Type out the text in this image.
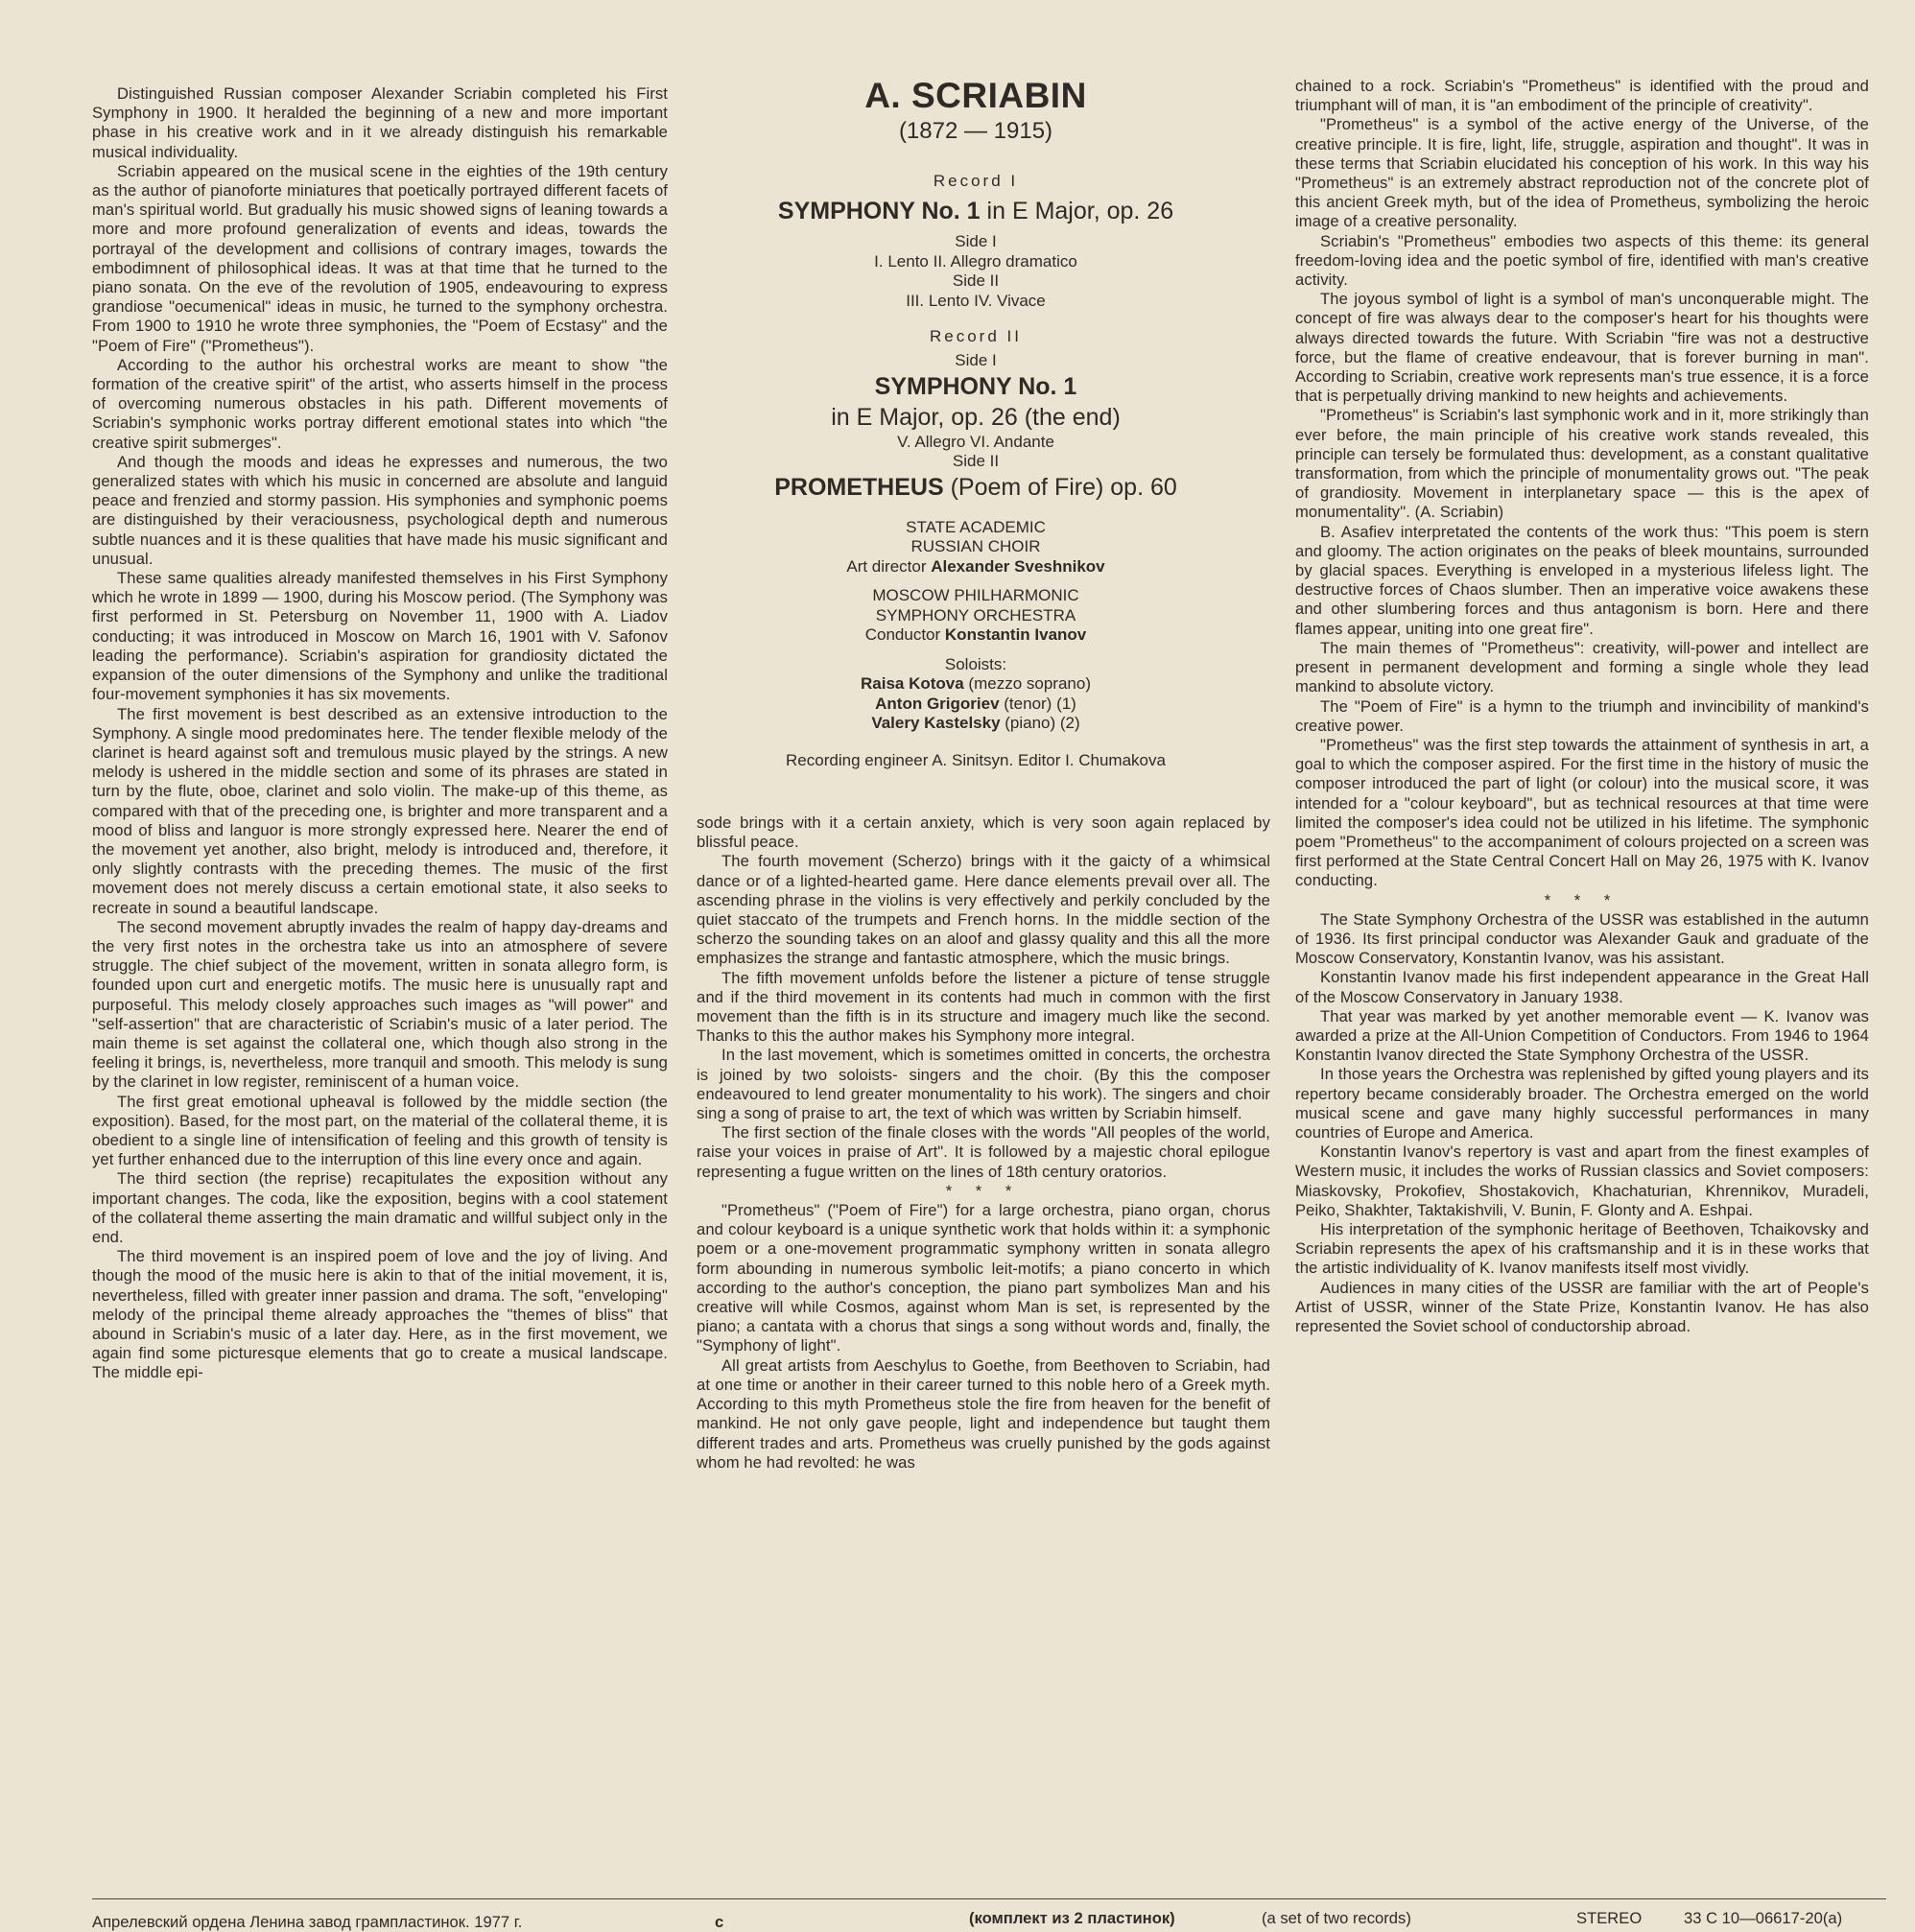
Distinguished Russian composer Alexander Scriabin completed his First Symphony in 1900. It heralded the beginning of a new and more important phase in his creative work and in it we already distinguish his remarkable musical individuality.

Scriabin appeared on the musical scene in the eighties of the 19th century as the author of pianoforte miniatures that poetically portrayed different facets of man's spiritual world. But gradually his music showed signs of leaning towards a more and more profound generalization of events and ideas, towards the portrayal of the development and collisions of contrary images, towards the embodimnent of philosophical ideas. It was at that time that he turned to the piano sonata. On the eve of the revolution of 1905, endeavouring to express grandiose "oecumenical" ideas in music, he turned to the symphony orchestra. From 1900 to 1910 he wrote three symphonies, the "Poem of Ecstasy" and the "Poem of Fire" ("Prometheus").

According to the author his orchestral works are meant to show "the formation of the creative spirit" of the artist, who asserts himself in the process of overcoming numerous obstacles in his path. Different movements of Scriabin's symphonic works portray different emotional states into which "the creative spirit submerges".

And though the moods and ideas he expresses and numerous, the two generalized states with which his music in concerned are absolute and languid peace and frenzied and stormy passion. His symphonies and symphonic poems are distinguished by their veraciousness, psychological depth and numerous subtle nuances and it is these qualities that have made his music significant and unusual.

These same qualities already manifested themselves in his First Symphony which he wrote in 1899 — 1900, during his Moscow period. (The Symphony was first performed in St. Petersburg on November 11, 1900 with A. Liadov conducting; it was introduced in Moscow on March 16, 1901 with V. Safonov leading the performance). Scriabin's aspiration for grandiosity dictated the expansion of the outer dimensions of the Symphony and unlike the traditional four-movement symphonies it has six movements.

The first movement is best described as an extensive introduction to the Symphony. A single mood predominates here. The tender flexible melody of the clarinet is heard against soft and tremulous music played by the strings. A new melody is ushered in the middle section and some of its phrases are stated in turn by the flute, oboe, clarinet and solo violin. The make-up of this theme, as compared with that of the preceding one, is brighter and more transparent and a mood of bliss and languor is more strongly expressed here. Nearer the end of the movement yet another, also bright, melody is introduced and, therefore, it only slightly contrasts with the preceding themes. The music of the first movement does not merely discuss a certain emotional state, it also seeks to recreate in sound a beautiful landscape.

The second movement abruptly invades the realm of happy day-dreams and the very first notes in the orchestra take us into an atmosphere of severe struggle. The chief subject of the movement, written in sonata allegro form, is founded upon curt and energetic motifs. The music here is unusually rapt and purposeful. This melody closely approaches such images as "will power" and "self-assertion" that are characteristic of Scriabin's music of a later period. The main theme is set against the collateral one, which though also strong in the feeling it brings, is, nevertheless, more tranquil and smooth. This melody is sung by the clarinet in low register, reminiscent of a human voice.

The first great emotional upheaval is followed by the middle section (the exposition). Based, for the most part, on the material of the collateral theme, it is obedient to a single line of intensification of feeling and this growth of tensity is yet further enhanced due to the interruption of this line every once and again.

The third section (the reprise) recapitulates the exposition without any important changes. The coda, like the exposition, begins with a cool statement of the collateral theme asserting the main dramatic and willful subject only in the end.

The third movement is an inspired poem of love and the joy of living. And though the mood of the music here is akin to that of the initial movement, it is, nevertheless, filled with greater inner passion and drama. The soft, "enveloping" melody of the principal theme already approaches the "themes of bliss" that abound in Scriabin's music of a later day. Here, as in the first movement, we again find some picturesque elements that go to create a musical landscape. The middle epi-

A. SCRIABIN
(1872 — 1915)
Record I
SYMPHONY No. 1 in E Major, op. 26
Side I
I. Lento II. Allegro dramatico
Side II
III. Lento IV. Vivace
Record II
Side I
SYMPHONY No. 1
in E Major, op. 26 (the end)
V. Allegro VI. Andante
Side II
PROMETHEUS (Poem of Fire) op. 60
STATE ACADEMIC
RUSSIAN CHOIR
Art director Alexander Sveshnikov
MOSCOW PHILHARMONIC
SYMPHONY ORCHESTRA
Conductor Konstantin Ivanov
Soloists:
Raisa Kotova (mezzo soprano)
Anton Grigoriev (tenor) (1)
Valery Kastelsky (piano) (2)
Recording engineer A. Sinitsyn. Editor I. Chumakova

sode brings with it a certain anxiety, which is very soon again replaced by blissful peace.

The fourth movement (Scherzo) brings with it the gaicty of a whimsical dance or of a lighted-hearted game. Here dance elements prevail over all. The ascending phrase in the violins is very effectively and perkily concluded by the quiet staccato of the trumpets and French horns. In the middle section of the scherzo the sounding takes on an aloof and glassy quality and this all the more emphasizes the strange and fantastic atmosphere, which the music brings.

The fifth movement unfolds before the listener a picture of tense struggle and if the third movement in its contents had much in common with the first movement than the fifth is in its structure and imagery much like the second. Thanks to this the author makes his Symphony more integral.

In the last movement, which is sometimes omitted in concerts, the orchestra is joined by two soloists- singers and the choir. (By this the composer endeavoured to lend greater monumentality to his work). The singers and choir sing a song of praise to art, the text of which was written by Scriabin himself.

The first section of the finale closes with the words "All peoples of the world, raise your voices in praise of Art". It is followed by a majestic choral epilogue representing a fugue written on the lines of 18th century oratorios.

* * *

"Prometheus" ("Poem of Fire") for a large orchestra, piano organ, chorus and colour keyboard is a unique synthetic work that holds within it: a symphonic poem or a one-movement programmatic symphony written in sonata allegro form abounding in numerous symbolic leit-motifs; a piano concerto in which according to the author's conception, the piano part symbolizes Man and his creative will while Cosmos, against whom Man is set, is represented by the piano; a cantata with a chorus that sings a song without words and, finally, the "Symphony of light".

All great artists from Aeschylus to Goethe, from Beethoven to Scriabin, had at one time or another in their career turned to this noble hero of a Greek myth. According to this myth Prometheus stole the fire from heaven for the benefit of mankind. He not only gave people, light and independence but taught them different trades and arts. Prometheus was cruelly punished by the gods against whom he had revolted: he was

chained to a rock. Scriabin's "Prometheus" is identified with the proud and triumphant will of man, it is "an embodiment of the principle of creativity".

"Prometheus" is a symbol of the active energy of the Universe, of the creative principle. It is fire, light, life, struggle, aspiration and thought". It was in these terms that Scriabin elucidated his conception of his work. In this way his "Prometheus" is an extremely abstract reproduction not of the concrete plot of this ancient Greek myth, but of the idea of Prometheus, symbolizing the heroic image of a creative personality.

Scriabin's "Prometheus" embodies two aspects of this theme: its general freedom-loving idea and the poetic symbol of fire, identified with man's creative activity.

The joyous symbol of light is a symbol of man's unconquerable might. The concept of fire was always dear to the composer's heart for his thoughts were always directed towards the future. With Scriabin "fire was not a destructive force, but the flame of creative endeavour, that is forever burning in man". According to Scriabin, creative work represents man's true essence, it is a force that is perpetually driving mankind to new heights and achievements.

"Prometheus" is Scriabin's last symphonic work and in it, more strikingly than ever before, the main principle of his creative work stands revealed, this principle can tersely be formulated thus: development, as a constant qualitative transformation, from which the principle of monumentality grows out. "The peak of grandiosity. Movement in interplanetary space — this is the apex of monumentality". (A. Scriabin)

B. Asafiev interpretated the contents of the work thus: "This poem is stern and gloomy. The action originates on the peaks of bleek mountains, surrounded by glacial spaces. Everything is enveloped in a mysterious lifeless light. The destructive forces of Chaos slumber. Then an imperative voice awakens these and other slumbering forces and thus antagonism is born. Here and there flames appear, uniting into one great fire".

The main themes of "Prometheus": creativity, will-power and intellect are present in permanent development and forming a single whole they lead mankind to absolute victory.

The "Poem of Fire" is a hymn to the triumph and invincibility of mankind's creative power.

"Prometheus" was the first step towards the attainment of synthesis in art, a goal to which the composer aspired. For the first time in the history of music the composer introduced the part of light (or colour) into the musical score, it was intended for a "colour keyboard", but as technical resources at that time were limited the composer's idea could not be utilized in his lifetime. The symphonic poem "Prometheus" to the accompaniment of colours projected on a screen was first performed at the State Central Concert Hall on May 26, 1975 with K. Ivanov conducting.

* * *

The State Symphony Orchestra of the USSR was established in the autumn of 1936. Its first principal conductor was Alexander Gauk and graduate of the Moscow Conservatory, Konstantin Ivanov, was his assistant.

Konstantin Ivanov made his first independent appearance in the Great Hall of the Moscow Conservatory in January 1938.

That year was marked by yet another memorable event — K. Ivanov was awarded a prize at the All-Union Competition of Conductors. From 1946 to 1964 Konstantin Ivanov directed the State Symphony Orchestra of the USSR.

In those years the Orchestra was replenished by gifted young players and its repertory became considerably broader. The Orchestra emerged on the world musical scene and gave many highly successful performances in many countries of Europe and America.

Konstantin Ivanov's repertory is vast and apart from the finest examples of Western music, it includes the works of Russian classics and Soviet composers: Miaskovsky, Prokofiev, Shostakovich, Khachaturian, Khrennikov, Muradeli, Peiko, Shakhter, Taktakishvili, V. Bunin, F. Glonty and A. Eshpai.

His interpretation of the symphonic heritage of Beethoven, Tchaikovsky and Scriabin represents the apex of his craftsmanship and it is in these works that the artistic individuality of K. Ivanov manifests itself most vividly.

Audiences in many cities of the USSR are familiar with the art of People's Artist of USSR, winner of the State Prize, Konstantin Ivanov. He has also represented the Soviet school of conductorship abroad.

Апрелевский ордена Ленина завод грампластинок. 1977 г.	с	(комплект из 2 пластинок)	(a set of two records)	STEREO	33 С 10—06617-20(а)
